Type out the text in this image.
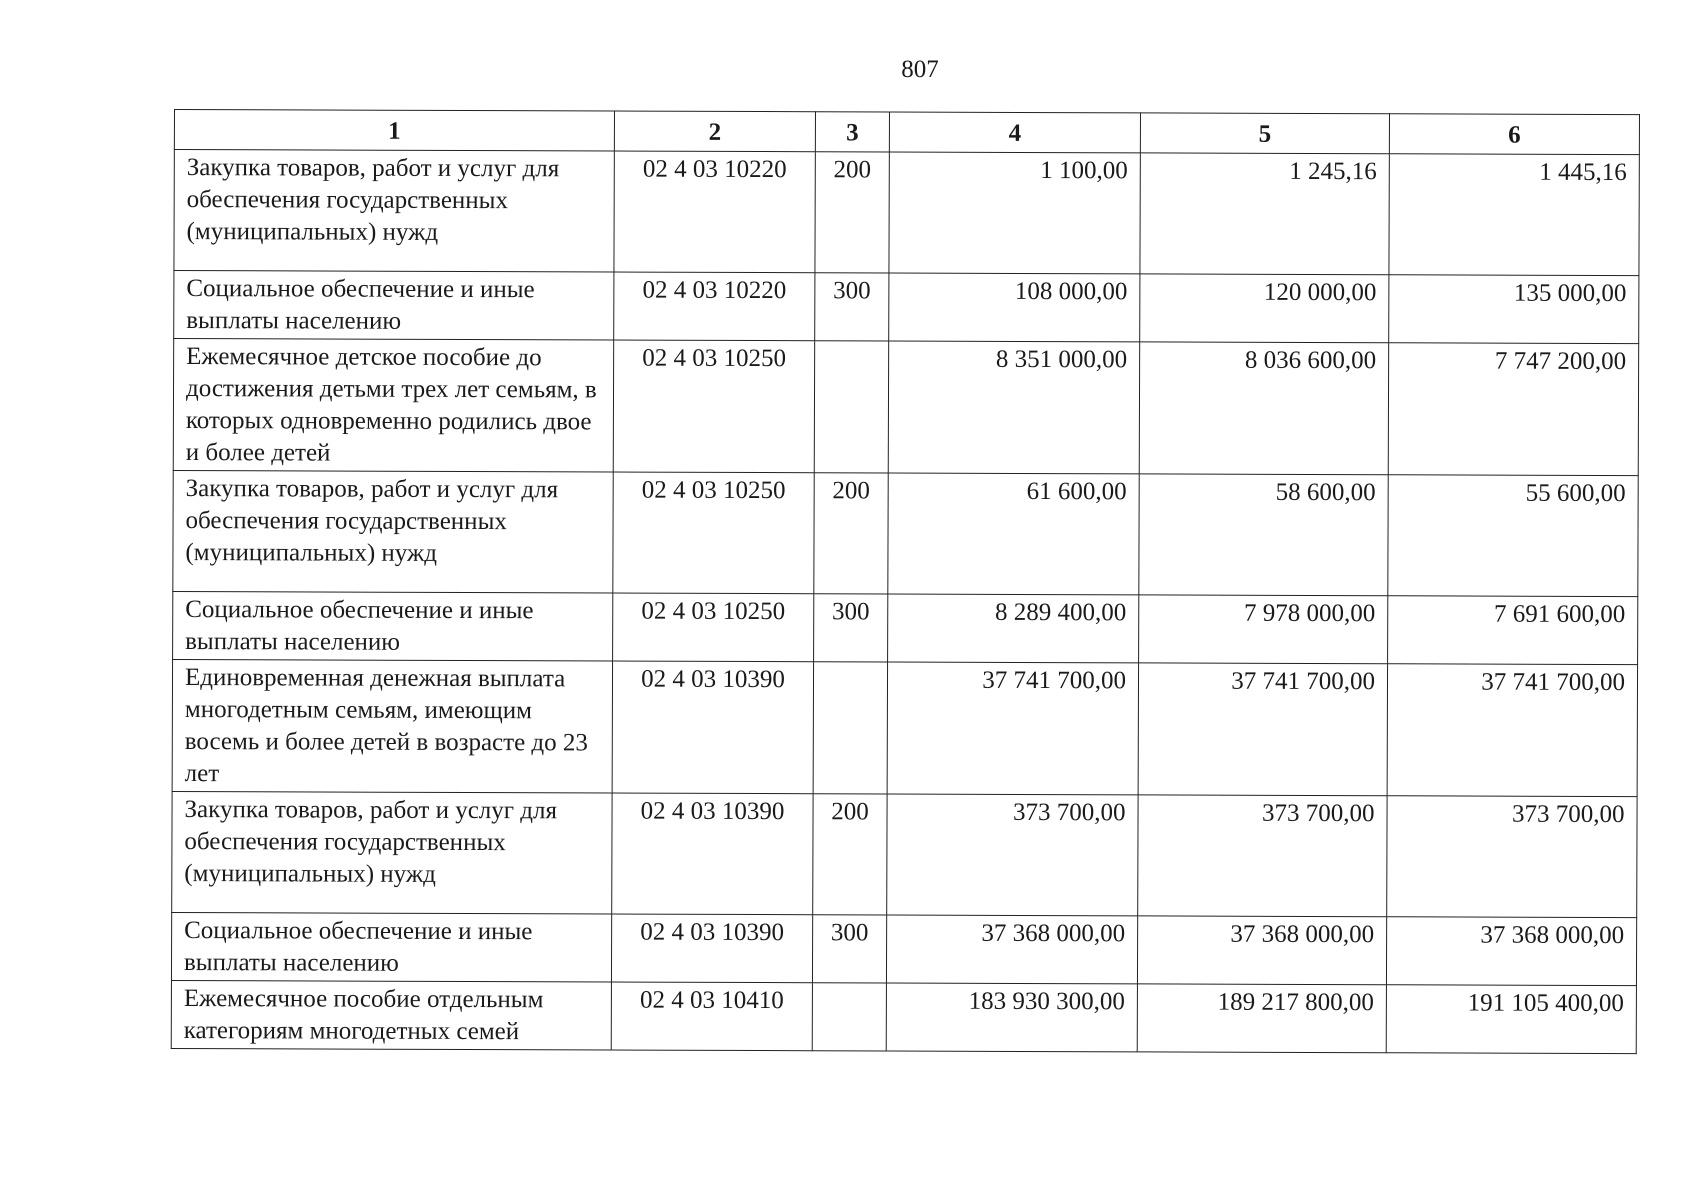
807
1	2	3	4	5	6
Закупка товаров, работ и услуг для обеспечения государственных (муниципальных) нужд	02 4 03 10220	200	1 100,00	1 245,16	1 445,16
Социальное обеспечение и иные выплаты населению	02 4 03 10220	300	108 000,00	120 000,00	135 000,00
Ежемесячное детское пособие до достижения детьми трех лет семьям, в которых одновременно родились двое и более детей	02 4 03 10250		8 351 000,00	8 036 600,00	7 747 200,00
Закупка товаров, работ и услуг для обеспечения государственных (муниципальных) нужд	02 4 03 10250	200	61 600,00	58 600,00	55 600,00
Социальное обеспечение и иные выплаты населению	02 4 03 10250	300	8 289 400,00	7 978 000,00	7 691 600,00
Единовременная денежная выплата многодетным семьям, имеющим восемь и более детей в возрасте до 23 лет	02 4 03 10390		37 741 700,00	37 741 700,00	37 741 700,00
Закупка товаров, работ и услуг для обеспечения государственных (муниципальных) нужд	02 4 03 10390	200	373 700,00	373 700,00	373 700,00
Социальное обеспечение и иные выплаты населению	02 4 03 10390	300	37 368 000,00	37 368 000,00	37 368 000,00
Ежемесячное пособие отдельным категориям многодетных семей	02 4 03 10410		183 930 300,00	189 217 800,00	191 105 400,00
